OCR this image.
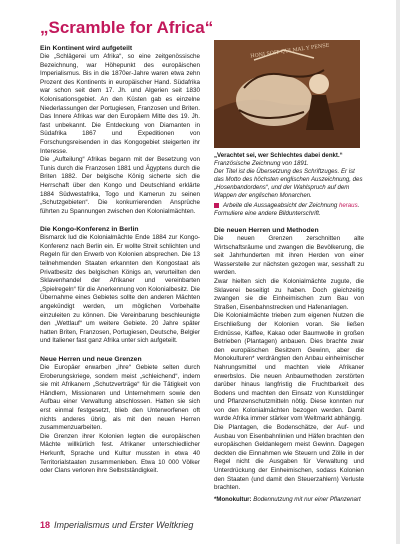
„Scramble for Africa“

Ein Kontinent wird aufgeteilt

Die „Schlägerei um Afrika“, so eine zeitgenössische Bezeichnung, war Höhepunkt des europäischen Imperialismus. Bis in die 1870er-Jahre waren etwa zehn Prozent des Kontinents in europäischer Hand. Südafrika war schon seit dem 17. Jh. und Algerien seit 1830 Kolonisationsgebiet. An den Küsten gab es einzelne Niederlassungen der Portugiesen, Franzosen und Briten. Das Innere Afrikas war den Europäern Mitte des 19. Jh. fast unbekannt. Die Entdeckung von Diamanten in Südafrika 1867 und Expeditionen von Forschungsreisenden in das Kongogebiet steigerten ihr Interesse.

Die „Aufteilung“ Afrikas begann mit der Besetzung von Tunis durch die Franzosen 1881 und Ägyptens durch die Briten 1882. Der belgische König sicherte sich die Herrschaft über den Kongo und Deutschland erklärte 1884 Südwestafrika, Togo und Kamerun zu seinen „Schutzgebieten“. Die konkurrierenden Ansprüche führten zu Spannungen zwischen den Kolonialmächten.

Die Kongo-Konferenz in Berlin

Bismarck lud die Kolonialmächte Ende 1884 zur Kongo-Konferenz nach Berlin ein. Er wollte Streit schlichten und Regeln für den Erwerb von Kolonien absprechen. Die 13 teilnehmenden Staaten erkannten den Kongostaat als Privatbesitz des belgischen Königs an, verurteilten den Sklavenhandel der Afrikaner und vereinbarten „Spielregeln“ für die Anerkennung von Kolonialbesitz. Die Übernahme eines Gebietes sollte den anderen Mächten angekündigt werden, um möglichen Vorbehalte einzuleiten zu können. Die Vereinbarung beschleunigte den „Wettlauf“ um weitere Gebiete. 20 Jahre später hatten Briten, Franzosen, Portugiesen, Deutsche, Belgier und Italiener fast ganz Afrika unter sich aufgeteilt.

Neue Herren und neue Grenzen

Die Europäer erwarben „ihre“ Gebiete selten durch Eroberungskriege, sondern meist „schleichend“, indem sie mit Afrikanern „Schutzverträge“ für die Tätigkeit von Händlern, Missionaren und Unternehmern sowie den Aufbau einer Verwaltung abschlossen. Hatten sie sich erst einmal festgesetzt, blieb den Unterworfenen oft nichts anderes übrig, als mit den neuen Herren zusammenzuarbeiten.

Die Grenzen ihrer Kolonien legten die europäischen Mächte willkürlich fest. Afrikaner unterschiedlicher Herkunft, Sprache und Kultur mussten in etwa 40 Territorialstaaten zusammenleben. Etwa 10 000 Völker oder Clans verloren ihre Selbstständigkeit.

HONI SOIT QUI MAL Y PENSE
„Verachtet sei, wer Schlechtes dabei denkt.“
Französische Zeichnung von 1891.
Der Titel ist die Übersetzung des Schriftzuges. Er ist das Motto des höchsten englischen Auszeichnung, des „Hosenbandordens“, und der Wahlspruch auf dem Wappen der englischen Monarchen.
Arbeite die Aussageabsicht der Zeichnung heraus. Formuliere eine andere Bildunterschrift.

Die neuen Herren und Methoden

Die neuen Grenzen zerschnitten alte Wirtschaftsräume und zwangen die Bevölkerung, die seit Jahrhunderten mit ihren Herden von einer Wasserstelle zur nächsten gezogen war, sesshaft zu werden.

Zwar hielten sich die Kolonialmächte zugute, die Sklaverei beseitigt zu haben. Doch gleichzeitig zwangen sie die Einheimischen zum Bau von Straßen, Eisenbahnstrecken und Hafenanlagen.

Die Kolonialmächte trieben zum eigenen Nutzen die Erschließung der Kolonien voran. Sie ließen Erdnüsse, Kaffee, Kakao oder Baumwolle in großen Betrieben (Plantagen) anbauen. Dies brachte zwar den europäischen Besitzern Gewinn, aber die Monokulturen* verdrängten den Anbau einheimischer Nahrungsmittel und machten viele Afrikaner erwerbslos. Die neuen Anbaumethoden zerstörten darüber hinaus langfristig die Fruchtbarkeit des Bodens und machten den Einsatz von Kunstdünger und Pflanzenschutzmitteln nötig. Diese konnten nur von den Kolonialmächten bezogen werden. Damit wurde Afrika immer stärker vom Weltmarkt abhängig.

Die Plantagen, die Bodenschätze, der Auf- und Ausbau von Eisenbahnlinien und Häfen brachten den europäischen Geldanlegern meist Gewinn. Dagegen deckten die Einnahmen wie Steuern und Zölle in der Regel nicht die Ausgaben für Verwaltung und Unterdrückung der Einheimischen, sodass Kolonien den Staaten (und damit den Steuerzahlern) Verluste brachten.

*Monokultur: Bodennutzung mit nur einer Pflanzenart
18 Imperialismus und Erster Weltkrieg
